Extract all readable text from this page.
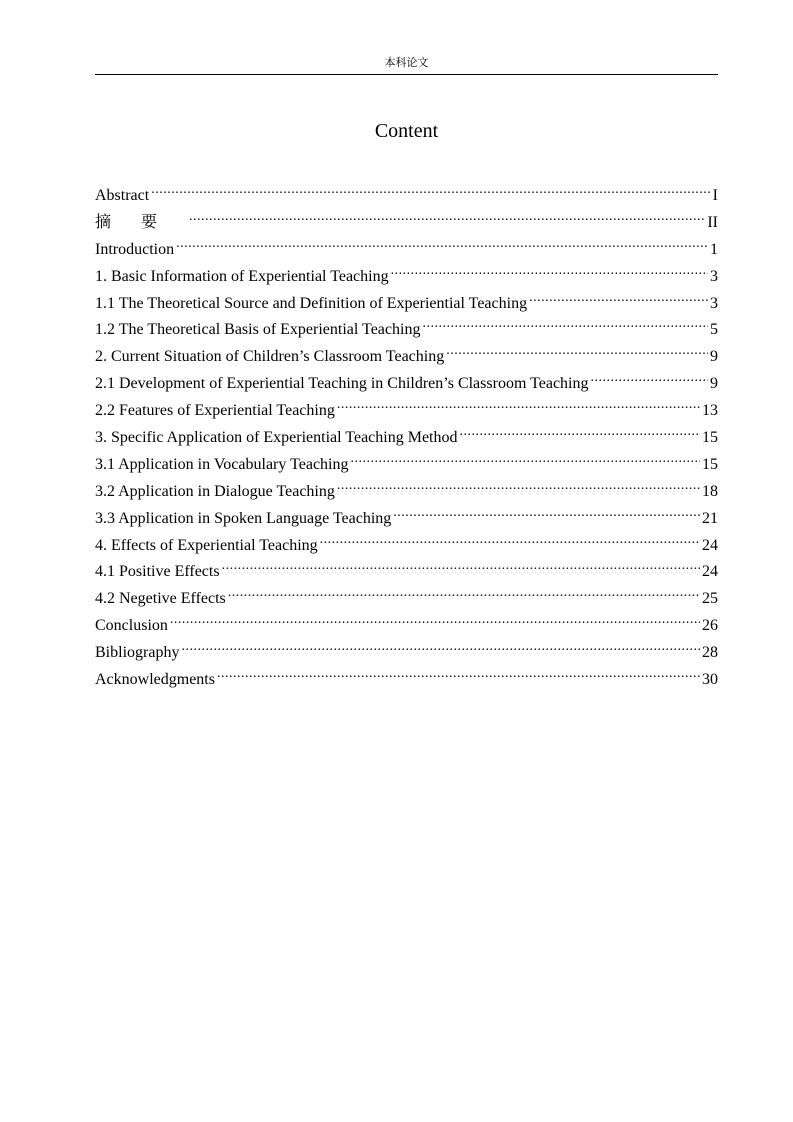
本科论文
Content
Abstract .....	I
摘要 .....	II
Introduction .....	1
1. Basic Information of Experiential Teaching .....	3
1.1 The Theoretical Source and Definition of Experiential Teaching .....	3
1.2 The Theoretical Basis of Experiential Teaching .....	5
2. Current Situation of Children’s Classroom Teaching .....	9
2.1 Development of Experiential Teaching in Children’s Classroom Teaching .....	9
2.2 Features of Experiential Teaching .....	13
3. Specific Application of Experiential Teaching Method .....	15
3.1 Application in Vocabulary Teaching .....	15
3.2 Application in Dialogue Teaching .....	18
3.3 Application in Spoken Language Teaching .....	21
4. Effects of Experiential Teaching .....	24
4.1 Positive Effects .....	24
4.2 Negetive Effects .....	25
Conclusion .....	26
Bibliography .....	28
Acknowledgments .....	30
